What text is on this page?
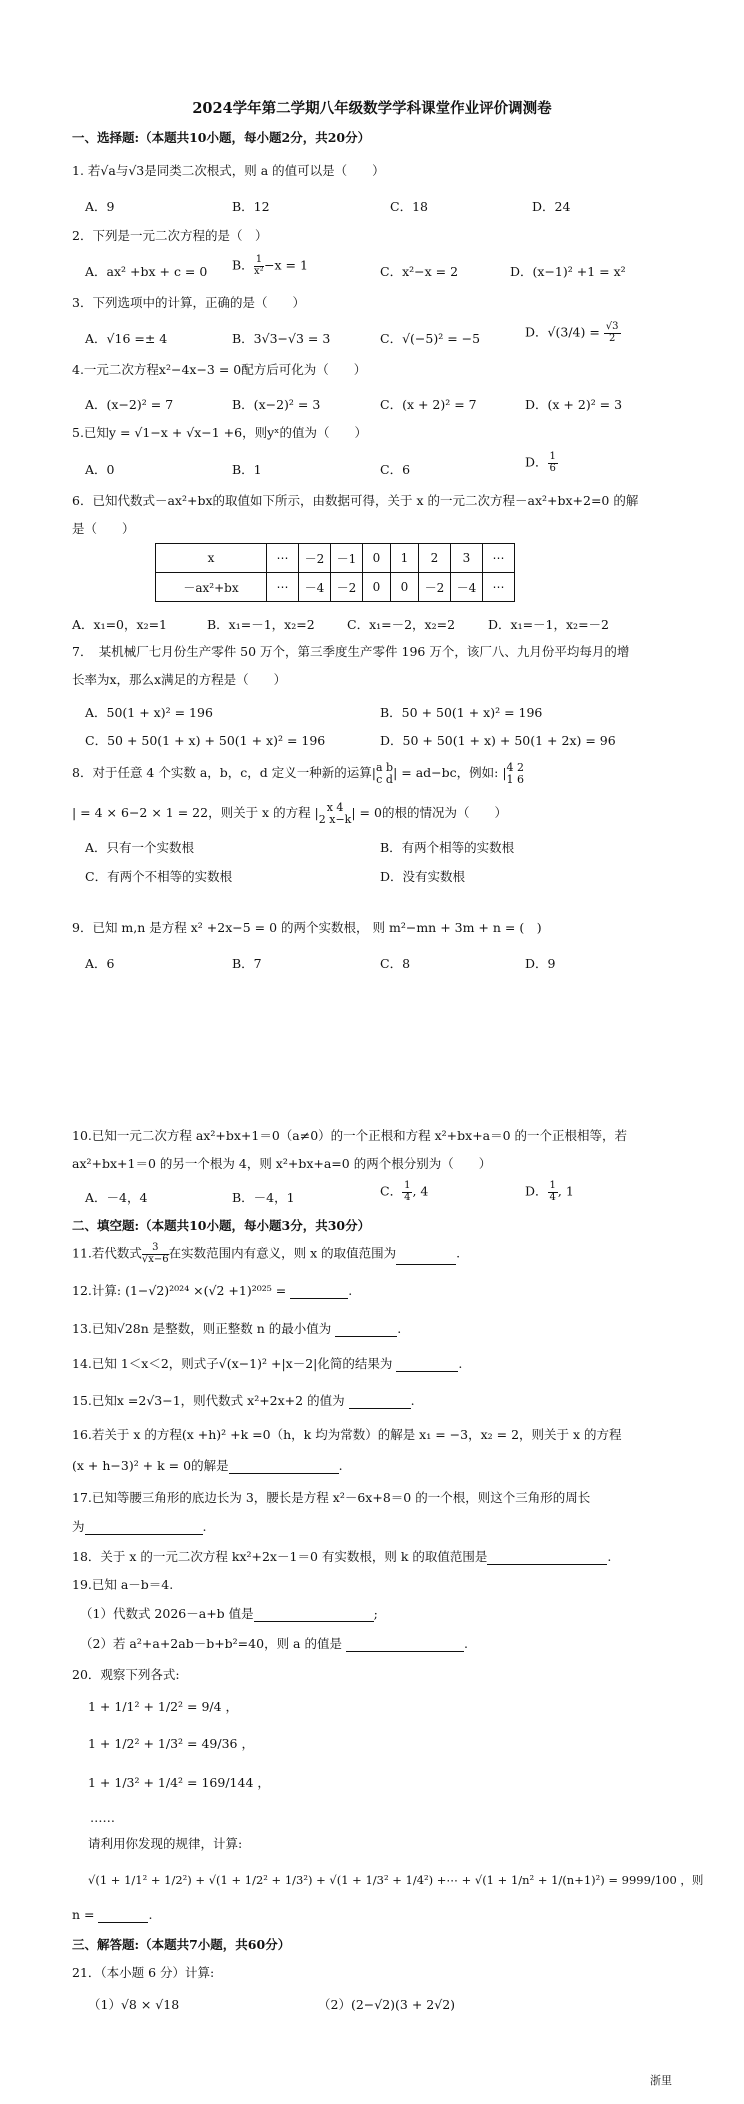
2024学年第二学期八年级数学学科课堂作业评价调测卷
一、选择题:（本题共10小题，每小题2分，共20分）
1. 若√a与√3是同类二次根式，则 a 的值可以是（　　）
A．9	B．12	C．18	D．24
2．下列是一元二次方程的是（　）
A．ax² +bx + c = 0 B． $\frac{1}{\text{x²}} -x = 1$	C．x²−x = 2	D．(x−1)² +1 = x²
3．下列选项中的计算，正确的是（　　）
A．√16 =± 4	B．3√3−√3 = 3	C．√(−5)² = −5	D．$√(3/4) = \frac{√3}{2}$
4.一元二次方程x²−4x−3 = 0配方后可化为（　　）
A．(x−2)² = 7	B．(x−2)² = 3	C．(x + 2)² = 7	D．(x + 2)² = 3
5.已知y = √1−x + √x−1 +6，则yˣ的值为（　　）
A．0	B．1	C．6	D． $\frac{1}{6}$
6．已知代数式－ax²+bx的取值如下所示，由数据可得，关于 x 的一元二次方程－ax²+bx+2=0 的解
是（　　）
x	⋯	－2	－1	0	1	2	3	⋯
－ax²+bx	⋯	－4	－2	0	0	－2	－4	⋯
A．x₁=0，x₂=1	B．x₁=－1，x₂=2	C．x₁=－2，x₂=2	D．x₁=－1，x₂=－2
7．　某机械厂七月份生产零件 50 万个，第三季度生产零件 196 万个，该厂八、九月份平均每月的增
长率为x，那么x满足的方程是（　　）
A．50(1 + x)² = 196	B．50 + 50(1 + x)² = 196
C．50 + 50(1 + x) + 50(1 + x)² = 196	D．50 + 50(1 + x) + 50(1 + 2x) = 96
8．对于任意 4 个实数 a，b，c，d 定义一种新的运算| a b
c d | = ad−bc，例如: | 4 2
1 6
| = 4 × 6−2 × 1 = 22，则关于 x 的方程 | x 4
2 x−k | = 0的根的情况为（　　）
A．只有一个实数根	B．有两个相等的实数根
C．有两个不相等的实数根	D．没有实数根
9．已知 m,n 是方程 x² +2x−5 = 0 的两个实数根， 则 m²−mn + 3m + n = (　)
A．6	B．7	C．8	D．9
10.已知一元二次方程 ax²+bx+1＝0（a≠0）的一个正根和方程 x²+bx+a＝0 的一个正根相等，若
ax²+bx+1＝0 的另一个根为 4，则 x²+bx+a=0 的两个根分别为（　　）
A．－4，4	B．－4，1	C． $\frac{1}{4}$ , 4	D． $\frac{1}{4}$ , 1
二、填空题:（本题共10小题，每小题3分，共30分）
11.若代数式 $\frac{3}{√x-6}$ 在实数范围内有意义，则 x 的取值范围为	.
12.计算: (1−√2)²⁰²⁴ ×(√2 +1)²⁰²⁵ =	.
13.已知√28n 是整数，则正整数 n 的最小值为	.
14.已知 1＜x＜2，则式子√(x−1)² +|x－2|化简的结果为	.
15.已知x =2√3−1，则代数式 x²+2x+2 的值为	.
16.若关于 x 的方程(x +h)² +k =0（h，k 均为常数）的解是 x₁ = −3，x₂ = 2，则关于 x 的方程
(x + h−3)² + k = 0的解是	.
17.已知等腰三角形的底边长为 3，腰长是方程 x²－6x+8＝0 的一个根，则这个三角形的周长
为	.
18．关于 x 的一元二次方程 kx²+2x－1＝0 有实数根，则 k 的取值范围是	.
19.已知 a－b＝4.
（1）代数式 2026－a+b 值是	;
（2）若 a²+a+2ab－b+b²=40，则 a 的值是	.
20．观察下列各式:
1 + 1/1² + 1/2² = 9/4 ，
1 + 1/2² + 1/3² = 49/36 ，
1 + 1/3² + 1/4² = 169/144 ，
……
请利用你发现的规律，计算:
√(1 + 1/1² + 1/2²) + √(1 + 1/2² + 1/3²) + √(1 + 1/3² + 1/4²) +⋯ + √(1 + 1/n² + 1/(n+1)²) = 9999/100 ，则
n =	.
三、解答题:（本题共7小题，共60分）
21．（本小题 6 分）计算:
（1）√8 × √18	（2）(2−√2)(3 + 2√2)
浙里
